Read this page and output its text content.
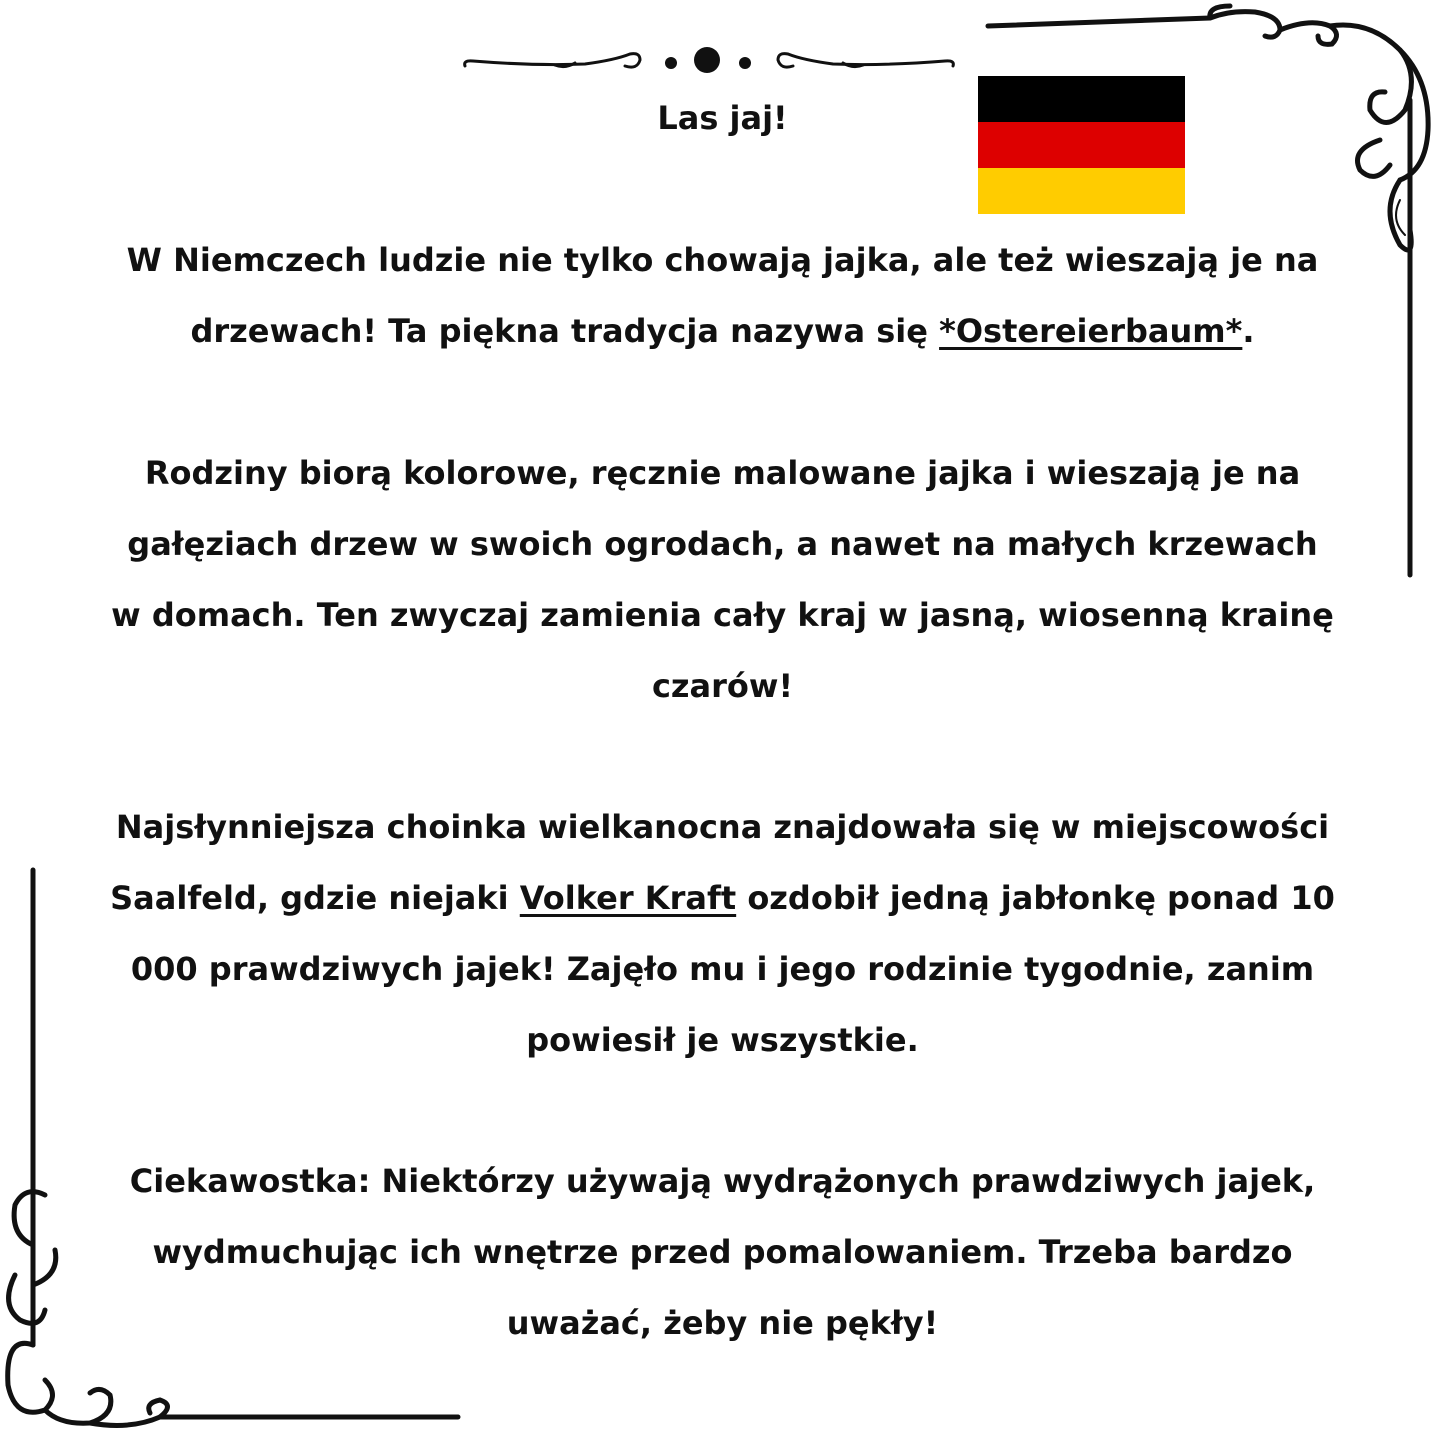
Las jaj!
W Niemczech ludzie nie tylko chowają jajka, ale też wieszają je na drzewach! Ta piękna tradycja nazywa się *Ostereierbaum*.
Rodziny biorą kolorowe, ręcznie malowane jajka i wieszają je na gałęziach drzew w swoich ogrodach, a nawet na małych krzewach w domach. Ten zwyczaj zamienia cały kraj w jasną, wiosenną krainę czarów!
Najsłynniejsza choinka wielkanocna znajdowała się w miejscowości Saalfeld, gdzie niejaki Volker Kraft ozdobił jedną jabłonkę ponad 10 000 prawdziwych jajek! Zajęło mu i jego rodzinie tygodnie, zanim powiesił je wszystkie.
Ciekawostka: Niektórzy używają wydrążonych prawdziwych jajek, wydmuchując ich wnętrze przed pomalowaniem. Trzeba bardzo uważać, żeby nie pękły!
